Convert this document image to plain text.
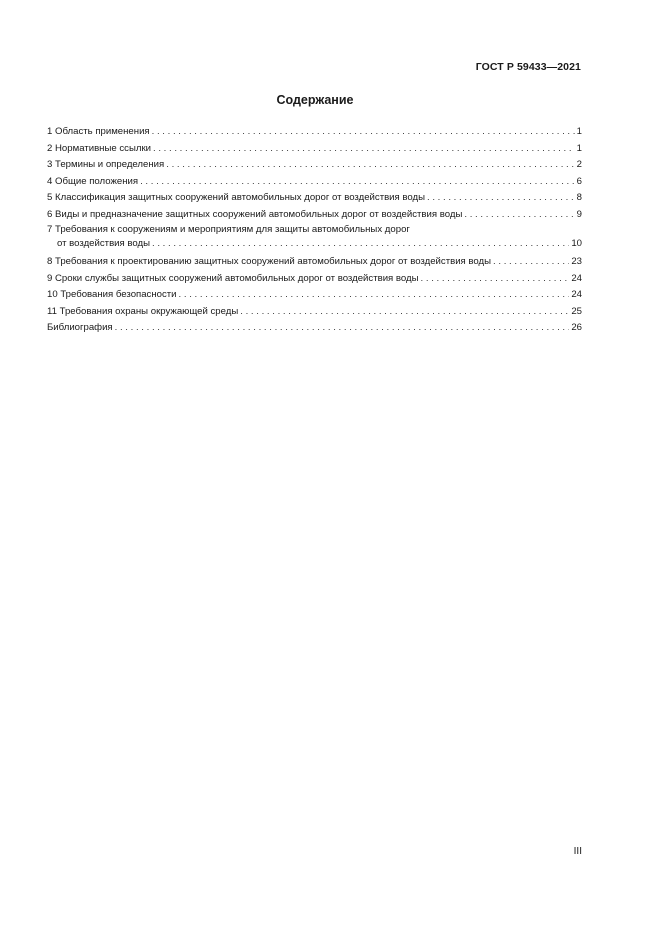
ГОСТ Р 59433—2021
Содержание
1 Область применения . . .	1
2 Нормативные ссылки . . .	1
3 Термины и определения . . .	2
4 Общие положения . . .	6
5 Классификация защитных сооружений автомобильных дорог от воздействия воды . . .	8
6 Виды и предназначение защитных сооружений автомобильных дорог от воздействия воды . . .	9
7 Требования к сооружениям и мероприятиям для защиты автомобильных дорог
от воздействия воды . . .	10
8 Требования к проектированию защитных сооружений автомобильных дорог от воздействия воды . . .	23
9 Сроки службы защитных сооружений автомобильных дорог от воздействия воды . . .	24
10 Требования безопасности . . .	24
11 Требования охраны окружающей среды . . .	25
Библиография . . .	26
III
